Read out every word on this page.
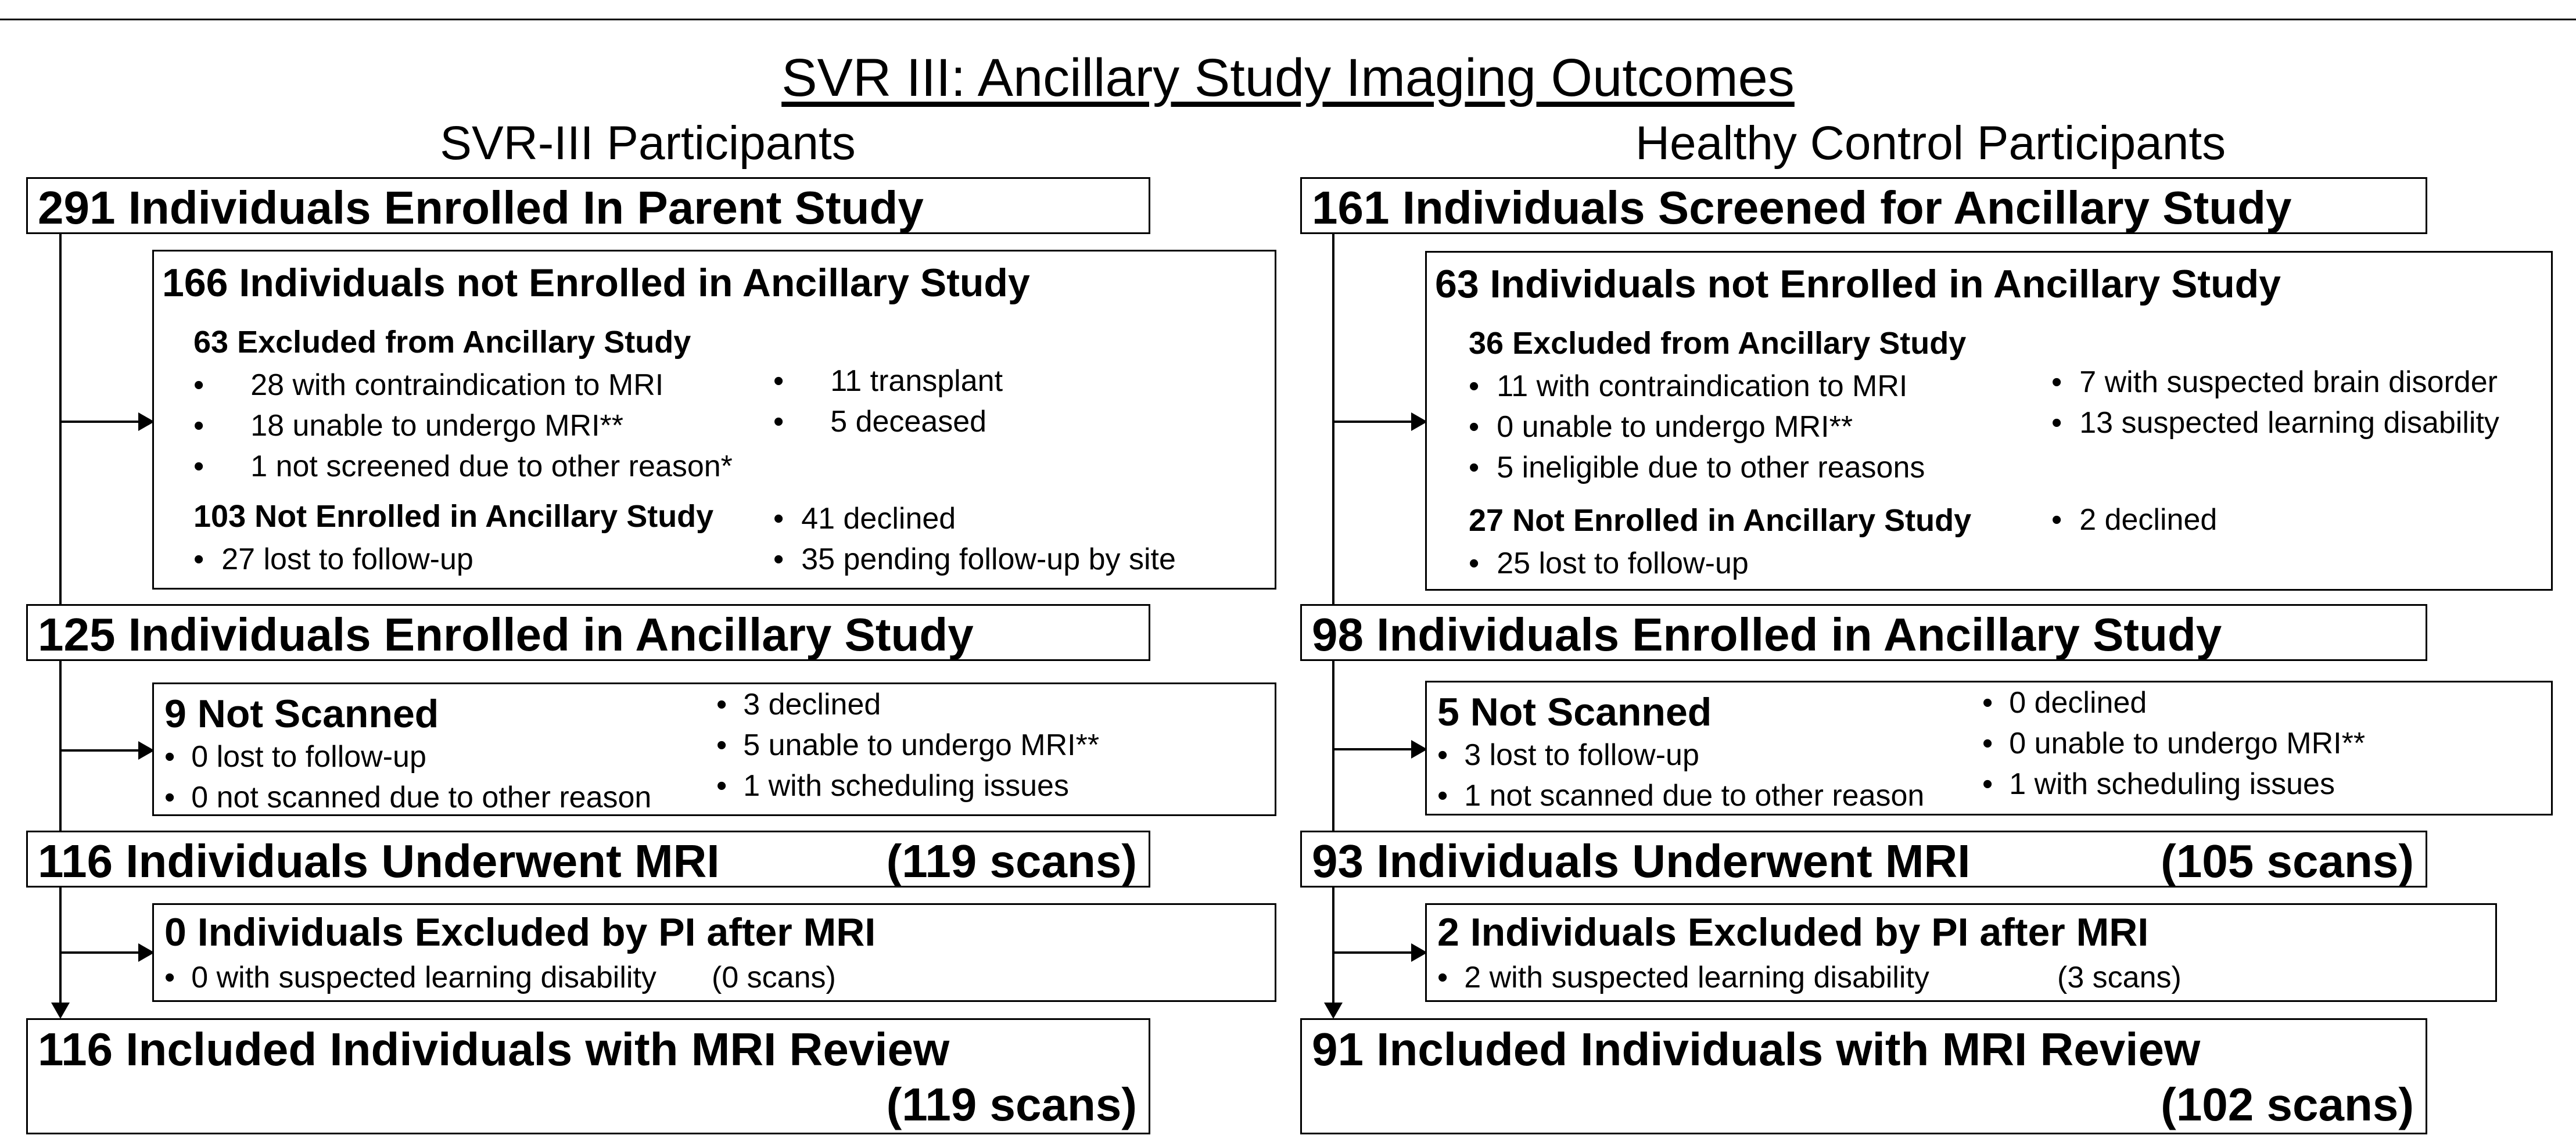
SVR III: Ancillary Study Imaging Outcomes
SVR-III Participants
291 Individuals Enrolled In Parent Study
166 Individuals not Enrolled in Ancillary Study
63 Excluded from Ancillary Study
• 28 with contraindication to MRI
• 18 unable to undergo MRI**
• 1 not screened due to other reason*
• 11 transplant
• 5 deceased
103 Not Enrolled in Ancillary Study
• 27 lost to follow-up
• 41 declined
• 35 pending follow-up by site
125 Individuals Enrolled in Ancillary Study
9 Not Scanned
• 0 lost to follow-up
• 0 not scanned due to other reason
• 3 declined
• 5 unable to undergo MRI**
• 1 with scheduling issues
116 Individuals Underwent MRI	(119 scans)
0 Individuals Excluded by PI after MRI
• 0 with suspected learning disability (0 scans)
116 Included Individuals with MRI Review
(119 scans)
Healthy Control Participants
161 Individuals Screened for Ancillary Study
63 Individuals not Enrolled in Ancillary Study
36 Excluded from Ancillary Study
• 11 with contraindication to MRI
• 0 unable to undergo MRI**
• 5 ineligible due to other reasons
• 7 with suspected brain disorder
• 13 suspected learning disability
27 Not Enrolled in Ancillary Study
• 25 lost to follow-up
• 2 declined
98 Individuals Enrolled in Ancillary Study
5 Not Scanned
• 3 lost to follow-up
• 1 not scanned due to other reason
• 0 declined
• 0 unable to undergo MRI**
• 1 with scheduling issues
93 Individuals Underwent MRI	(105 scans)
2 Individuals Excluded by PI after MRI
• 2 with suspected learning disability	(3 scans)
91 Included Individuals with MRI Review
(102 scans)
